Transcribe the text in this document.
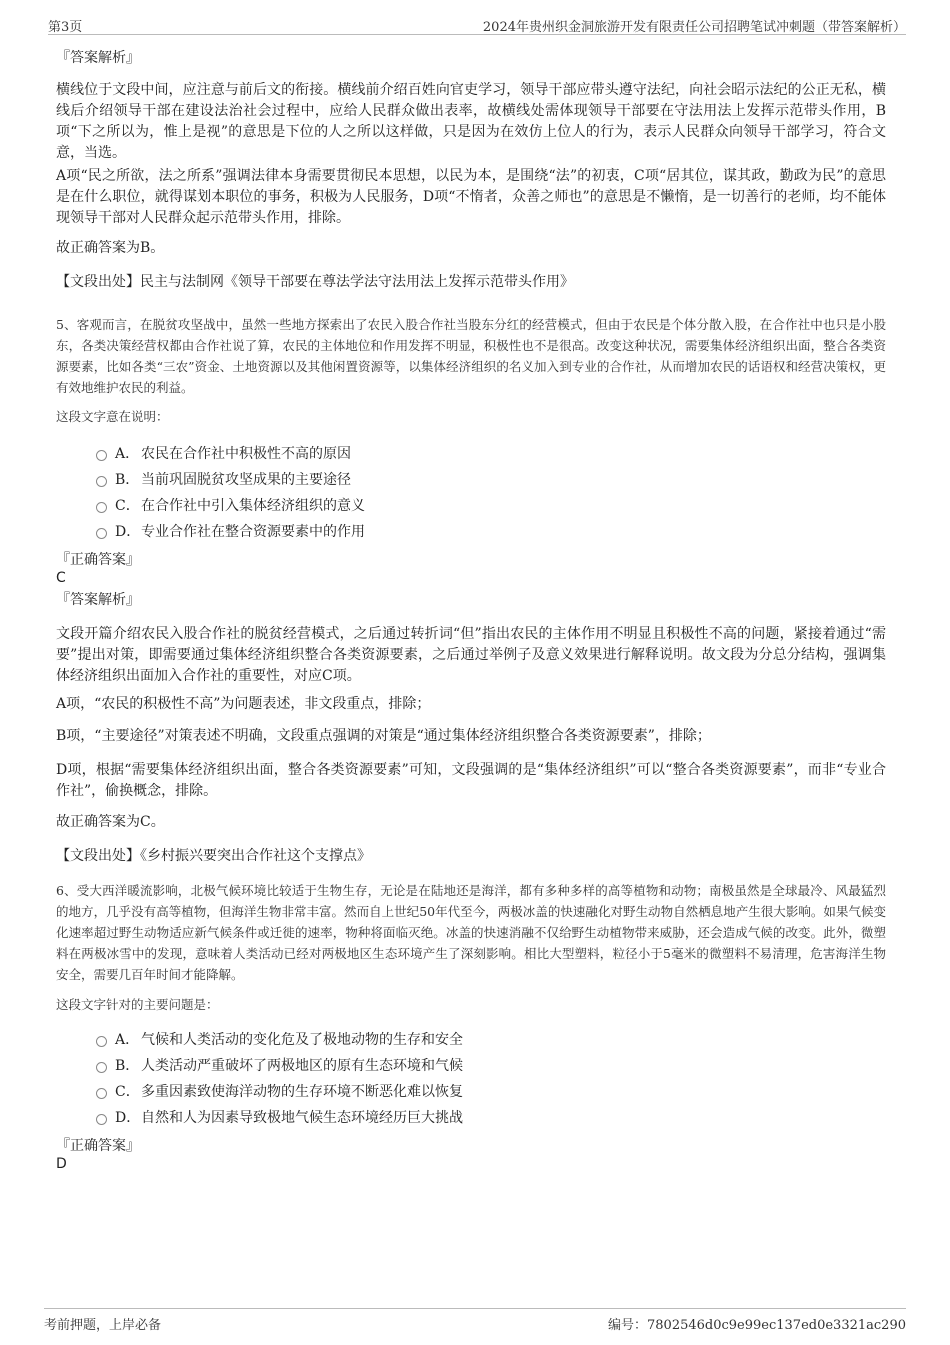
第3页	2024年贵州织金洞旅游开发有限责任公司招聘笔试冲刺题（带答案解析）
『答案解析』
横线位于文段中间，应注意与前后文的衔接。横线前介绍百姓向官吏学习，领导干部应带头遵守法纪，向社会昭示法纪的公正无私，横线后介绍领导干部在建设法治社会过程中，应给人民群众做出表率，故横线处需体现领导干部要在守法用法上发挥示范带头作用，B项“下之所以为，惟上是视”的意思是下位的人之所以这样做，只是因为在效仿上位人的行为，表示人民群众向领导干部学习，符合文意，当选。
A项“民之所欲，法之所系”强调法律本身需要贯彻民本思想，以民为本，是围绕“法”的初衷，C项“居其位，谋其政，勤政为民”的意思是在什么职位，就得谋划本职位的事务，积极为人民服务，D项“不惰者，众善之师也”的意思是不懒惰，是一切善行的老师，均不能体现领导干部对人民群众起示范带头作用，排除。
故正确答案为B。
【文段出处】民主与法制网《领导干部要在尊法学法守法用法上发挥示范带头作用》
5、客观而言，在脱贫攻坚战中，虽然一些地方探索出了农民入股合作社当股东分红的经营模式，但由于农民是个体分散入股，在合作社中也只是小股东，各类决策经营权都由合作社说了算，农民的主体地位和作用发挥不明显，积极性也不是很高。改变这种状况，需要集体经济组织出面，整合各类资源要素，比如各类“三农”资金、土地资源以及其他闲置资源等，以集体经济组织的名义加入到专业的合作社，从而增加农民的话语权和经营决策权，更有效地维护农民的利益。
这段文字意在说明：
A． 农民在合作社中积极性不高的原因
B． 当前巩固脱贫攻坚成果的主要途径
C． 在合作社中引入集体经济组织的意义
D． 专业合作社在整合资源要素中的作用
『正确答案』
C
『答案解析』
文段开篇介绍农民入股合作社的脱贫经营模式，之后通过转折词“但”指出农民的主体作用不明显且积极性不高的问题，紧接着通过“需要”提出对策，即需要通过集体经济组织整合各类资源要素，之后通过举例子及意义效果进行解释说明。故文段为分总分结构，强调集体经济组织出面加入合作社的重要性，对应C项。
A项，“农民的积极性不高”为问题表述，非文段重点，排除；
B项，“主要途径”对策表述不明确，文段重点强调的对策是“通过集体经济组织整合各类资源要素”，排除；
D项，根据“需要集体经济组织出面，整合各类资源要素”可知，文段强调的是“集体经济组织”可以“整合各类资源要素”，而非“专业合作社”，偷换概念，排除。
故正确答案为C。
【文段出处】《乡村振兴要突出合作社这个支撑点》
6、受大西洋暖流影响，北极气候环境比较适于生物生存，无论是在陆地还是海洋，都有多种多样的高等植物和动物；南极虽然是全球最冷、风最猛烈的地方，几乎没有高等植物，但海洋生物非常丰富。然而自上世纪50年代至今，两极冰盖的快速融化对野生动物自然栖息地产生很大影响。如果气候变化速率超过野生动物适应新气候条件或迁徙的速率，物种将面临灭绝。冰盖的快速消融不仅给野生动植物带来威胁，还会造成气候的改变。此外，微塑料在两极冰雪中的发现，意味着人类活动已经对两极地区生态环境产生了深刻影响。相比大型塑料，粒径小于5毫米的微塑料不易清理，危害海洋生物安全，需要几百年时间才能降解。
这段文字针对的主要问题是：
A． 气候和人类活动的变化危及了极地动物的生存和安全
B． 人类活动严重破坏了两极地区的原有生态环境和气候
C． 多重因素致使海洋动物的生存环境不断恶化难以恢复
D． 自然和人为因素导致极地气候生态环境经历巨大挑战
『正确答案』
D
考前押题，上岸必备	编号：7802546d0c9e99ec137ed0e3321ac290
